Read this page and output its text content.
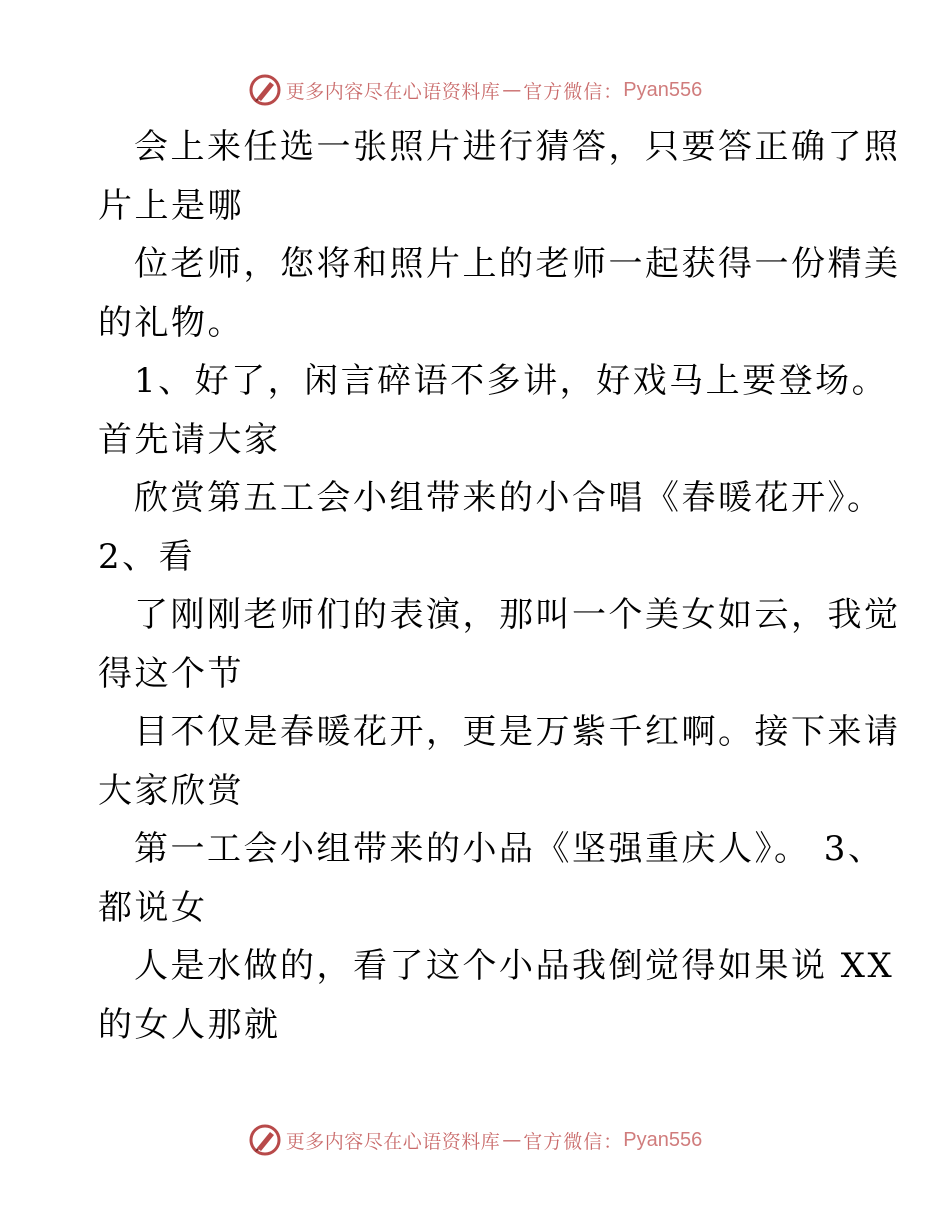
更多内容尽在心语资料库 — 官方微信： Pyan556
会上来任选一张照片进行猜答，只要答正确了照
片上是哪
位老师，您将和照片上的老师一起获得一份精美
的礼物。
1、好了，闲言碎语不多讲，好戏马上要登场。
首先请大家
欣赏第五工会小组带来的小合唱《春暖花开》。
2、看
了刚刚老师们的表演，那叫一个美女如云，我觉
得这个节
目不仅是春暖花开，更是万紫千红啊。接下来请
大家欣赏
第一工会小组带来的小品《坚强重庆人》。 3、
都说女
人是水做的，看了这个小品我倒觉得如果说 XX
的女人那就
更多内容尽在心语资料库 — 官方微信： Pyan556
